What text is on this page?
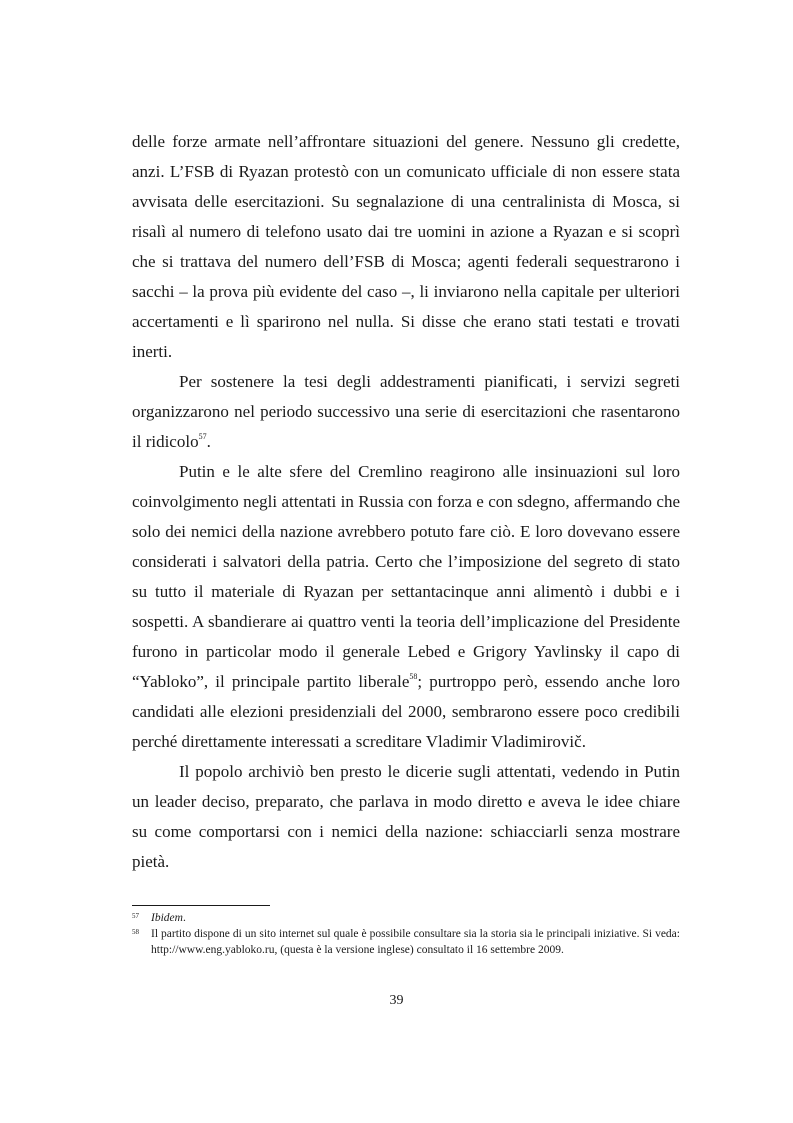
delle forze armate nell’affrontare situazioni del genere. Nessuno gli credette, anzi. L’FSB di Ryazan protestò con un comunicato ufficiale di non essere stata avvisata delle esercitazioni. Su segnalazione di una centralinista di Mosca, si risalì al numero di telefono usato dai tre uomini in azione a Ryazan e si scoprì che si trattava del numero dell’FSB di Mosca; agenti federali sequestrarono i sacchi – la prova più evidente del caso –, li inviarono nella capitale per ulteriori accertamenti e lì sparirono nel nulla. Si disse che erano stati testati e trovati inerti.

Per sostenere la tesi degli addestramenti pianificati, i servizi segreti organizzarono nel periodo successivo una serie di esercitazioni che rasentarono il ridicolo$^{57}$.

Putin e le alte sfere del Cremlino reagirono alle insinuazioni sul loro coinvolgimento negli attentati in Russia con forza e con sdegno, affermando che solo dei nemici della nazione avrebbero potuto fare ciò. E loro dovevano essere considerati i salvatori della patria. Certo che l’imposizione del segreto di stato su tutto il materiale di Ryazan per settantacinque anni alimentò i dubbi e i sospetti. A sbandierare ai quattro venti la teoria dell’implicazione del Presidente furono in particolar modo il generale Lebed e Grigory Yavlinsky il capo di “Yabloko”, il principale partito liberale$^{58}$; purtroppo però, essendo anche loro candidati alle elezioni presidenziali del 2000, sembrarono essere poco credibili perché direttamente interessati a screditare Vladimir Vladimirovič.

Il popolo archiviò ben presto le dicerie sugli attentati, vedendo in Putin un leader deciso, preparato, che parlava in modo diretto e aveva le idee chiare su come comportarsi con i nemici della nazione: schiacciarli senza mostrare pietà.

57 Ibidem.
58 Il partito dispone di un sito internet sul quale è possibile consultare sia la storia sia le principali iniziative. Si veda: http://www.eng.yabloko.ru, (questa è la versione inglese) consultato il 16 settembre 2009.
39
